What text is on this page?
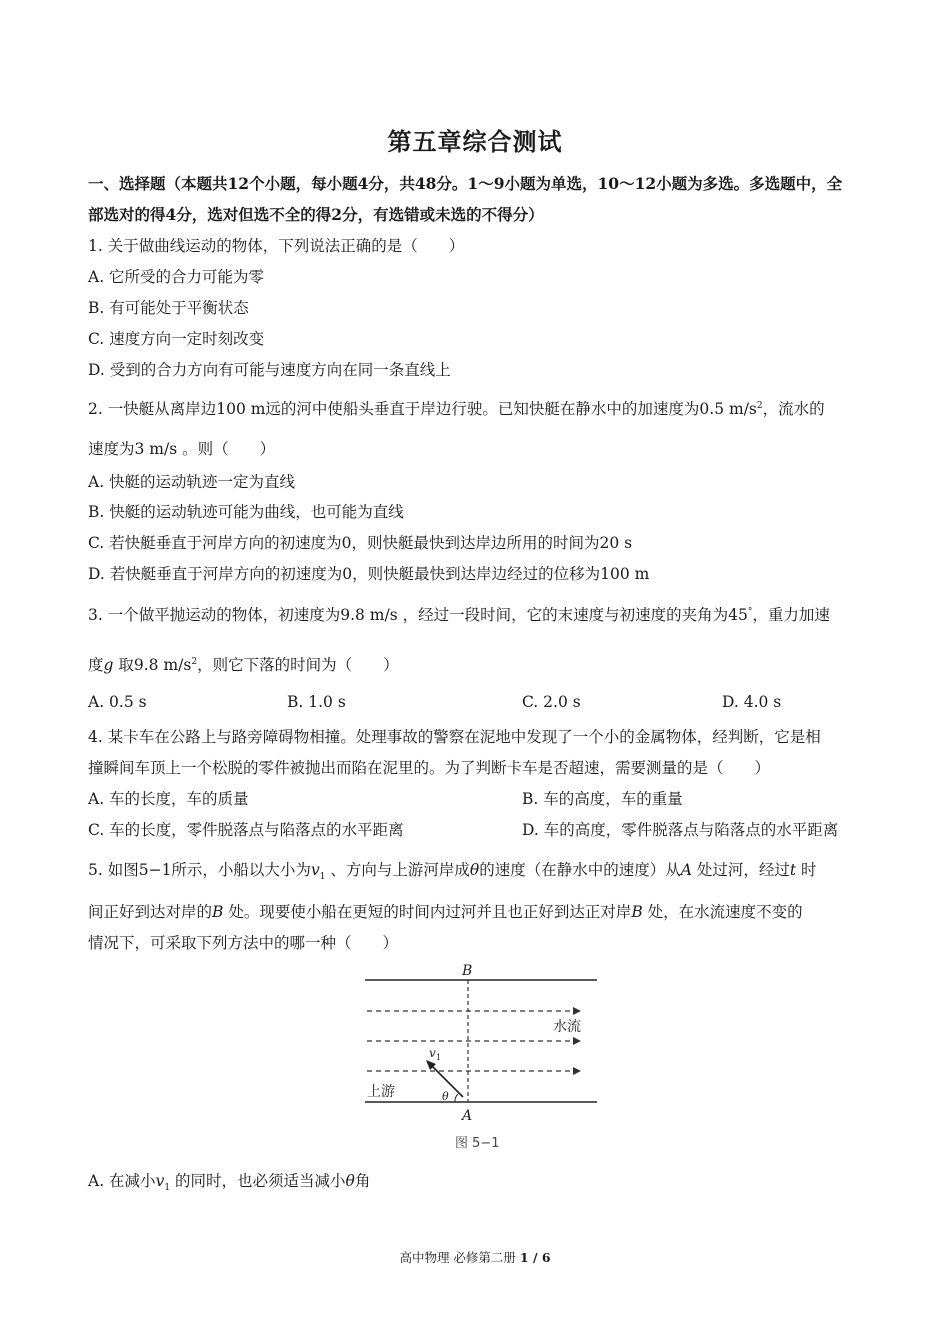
第五章综合测试
一、选择题（本题共12个小题，每小题4分，共48分。1～9小题为单选，10～12小题为多选。多选题中，全
部选对的得4分，选对但选不全的得2分，有选错或未选的不得分）
1. 关于做曲线运动的物体，下列说法正确的是（　　）
A. 它所受的合力可能为零
B. 有可能处于平衡状态
C. 速度方向一定时刻改变
D. 受到的合力方向有可能与速度方向在同一条直线上
2. 一快艇从离岸边100 m远的河中使船头垂直于岸边行驶。已知快艇在静水中的加速度为0.5 $m/s^2$，流水的
速度为3 m/s 。则（　　）
A. 快艇的运动轨迹一定为直线
B. 快艇的运动轨迹可能为曲线，也可能为直线
C. 若快艇垂直于河岸方向的初速度为0，则快艇最快到达岸边所用的时间为20 s
D. 若快艇垂直于河岸方向的初速度为0，则快艇最快到达岸边经过的位移为100 m
3. 一个做平抛运动的物体，初速度为9.8 m/s ，经过一段时间，它的末速度与初速度的夹角为45°，重力加速
度g 取9.8 $m/s^2$，则它下落的时间为（　　）
A. 0.5 s	B. 1.0 s	C. 2.0 s	D. 4.0 s
4. 某卡车在公路上与路旁障碍物相撞。处理事故的警察在泥地中发现了一个小的金属物体，经判断，它是相
撞瞬间车顶上一个松脱的零件被抛出而陷在泥里的。为了判断卡车是否超速，需要测量的是（　　）
A. 车的长度，车的质量	B. 车的高度，车的重量
C. 车的长度，零件脱落点与陷落点的水平距离	D. 车的高度，零件脱落点与陷落点的水平距离
5. 如图5−1所示，小船以大小为$v_1$ 、方向与上游河岸成θ的速度（在静水中的速度）从A 处过河，经过t 时
间正好到达对岸的B 处。现要使小船在更短的时间内过河并且也正好到达正对岸B 处，在水流速度不变的
情况下，可采取下列方法中的哪一种（　　）
B
A
水流
上游
v 1
θ
图 5−1
A. 在减小$v_1$ 的同时，也必须适当减小θ角
高中物理 必修第二册 1 / 6
